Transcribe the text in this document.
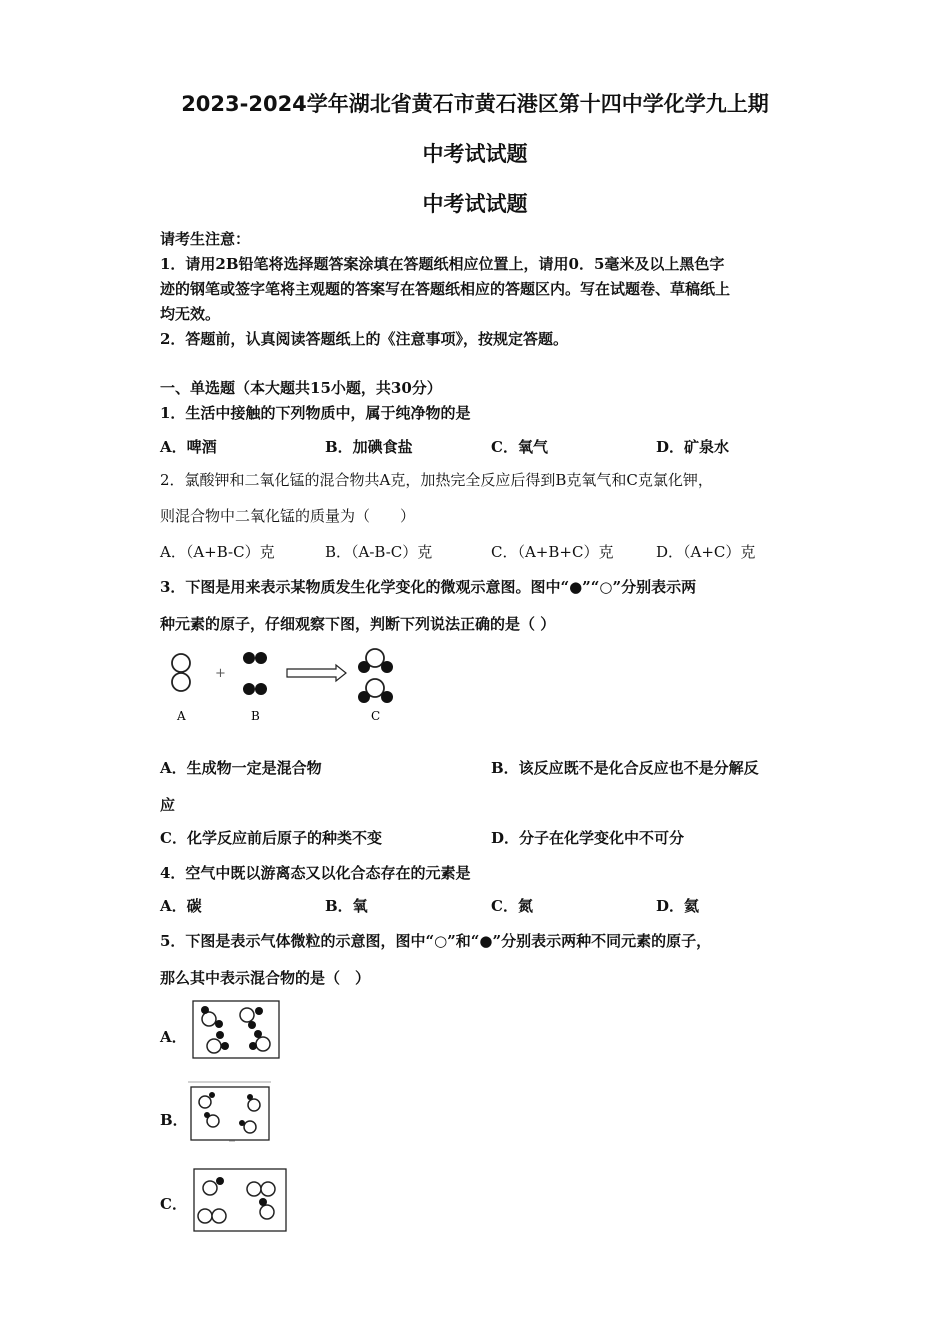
2023-2024学年湖北省黄石市黄石港区第十四中学化学九上期
中考试试题
中考试试题
请考生注意：
1．请用2B铅笔将选择题答案涂填在答题纸相应位置上，请用0．5毫米及以上黑色字
迹的钢笔或签字笔将主观题的答案写在答题纸相应的答题区内。写在试题卷、草稿纸上
均无效。
2．答题前，认真阅读答题纸上的《注意事项》，按规定答题。
一、单选题（本大题共15小题，共30分）
1．生活中接触的下列物质中，属于纯净物的是
A．啤酒	B．加碘食盐	C．氧气	D．矿泉水
2．氯酸钾和二氧化锰的混合物共A克，加热完全反应后得到B克氧气和C克氯化钾，
则混合物中二氧化锰的质量为（　　）
A．（A+B-C）克	B．（A-B-C）克	C．（A+B+C）克	D．（A+C）克
3．下图是用来表示某物质发生化学变化的微观示意图。图中“●”“○”分别表示两
种元素的原子，仔细观察下图，判断下列说法正确的是（ ）
+
A	B	C
A．生成物一定是混合物	B．该反应既不是化合反应也不是分解反
应
C．化学反应前后原子的种类不变	D．分子在化学变化中不可分
4．空气中既以游离态又以化合态存在的元素是
A．碳	B．氧	C．氮	D．氦
5．下图是表示气体微粒的示意图，图中“○”和“●”分别表示两种不同元素的原子，
那么其中表示混合物的是（　）
A．
B．
C．
